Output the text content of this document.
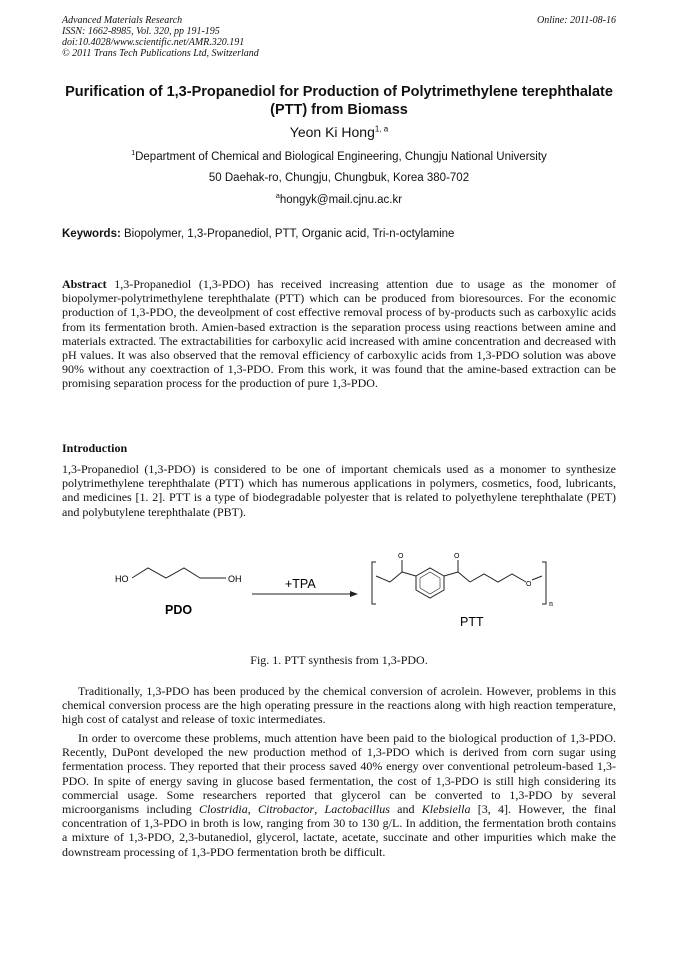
Advanced Materials Research
ISSN: 1662-8985, Vol. 320, pp 191-195
doi:10.4028/www.scientific.net/AMR.320.191
© 2011 Trans Tech Publications Ltd, Switzerland
Online: 2011-08-16
Purification of 1,3-Propanediol for Production of Polytrimethylene terephthalate (PTT) from Biomass
Yeon Ki Hong$^{1, a}$
$^1$Department of Chemical and Biological Engineering, Chungju National University
50 Daehak-ro, Chungju, Chungbuk, Korea 380-702
$^a$hongyk@mail.cjnu.ac.kr
Keywords: Biopolymer, 1,3-Propanediol, PTT, Organic acid, Tri-n-octylamine
Abstract 1,3-Propanediol (1,3-PDO) has received increasing attention due to usage as the monomer of biopolymer-polytrimethylene terephthalate (PTT) which can be produced from bioresources. For the economic production of 1,3-PDO, the deveolpment of cost effective removal process of by-products such as carboxylic acids from its fermentation broth. Amien-based extraction is the separation process using reactions between amine and materials extracted. The extractabilities for carboxylic acid increased with amine concentration and decreased with pH values. It was also observed that the removal efficiency of carboxylic acids from 1,3-PDO solution was above 90% without any coextraction of 1,3-PDO. From this work, it was found that the amine-based extraction can be promising separation process for the production of pure 1,3-PDO.
Introduction
1,3-Propanediol (1,3-PDO) is considered to be one of important chemicals used as a monomer to synthesize polytrimethylene terephthalate (PTT) which has numerous applications in polymers, cosmetics, food, lubricants, and medicines [1. 2]. PTT is a type of biodegradable polyester that is related to polyethylene terephthalate (PET) and polybutylene terephthalate (PBT).
HO	OH
PDO
+TPA
O	O
O
n
PTT
Fig. 1. PTT synthesis from 1,3-PDO.
Traditionally, 1,3-PDO has been produced by the chemical conversion of acrolein. However, problems in this chemical conversion process are the high operating pressure in the reactions along with high reaction temperature, high cost of catalyst and release of toxic intermediates.
In order to overcome these problems, much attention have been paid to the biological production of 1,3-PDO. Recently, DuPont developed the new production method of 1,3-PDO which is derived from corn sugar using fermentation process. They reported that their process saved 40% energy over conventional petroleum-based 1,3-PDO. In spite of energy saving in glucose based fermentation, the cost of 1,3-PDO is still high considering its commercial usage. Some researchers reported that glycerol can be converted to 1,3-PDO by several microorganisms including Clostridia, Citrobactor, Lactobacillus and Klebsiella [3, 4]. However, the final concentration of 1,3-PDO in broth is low, ranging from 30 to 130 g/L. In addition, the fermentation broth contains a mixture of 1,3-PDO, 2,3-butanediol, glycerol, lactate, acetate, succinate and other impurities which make the downstream processing of 1,3-PDO fermentation broth be difficult.
